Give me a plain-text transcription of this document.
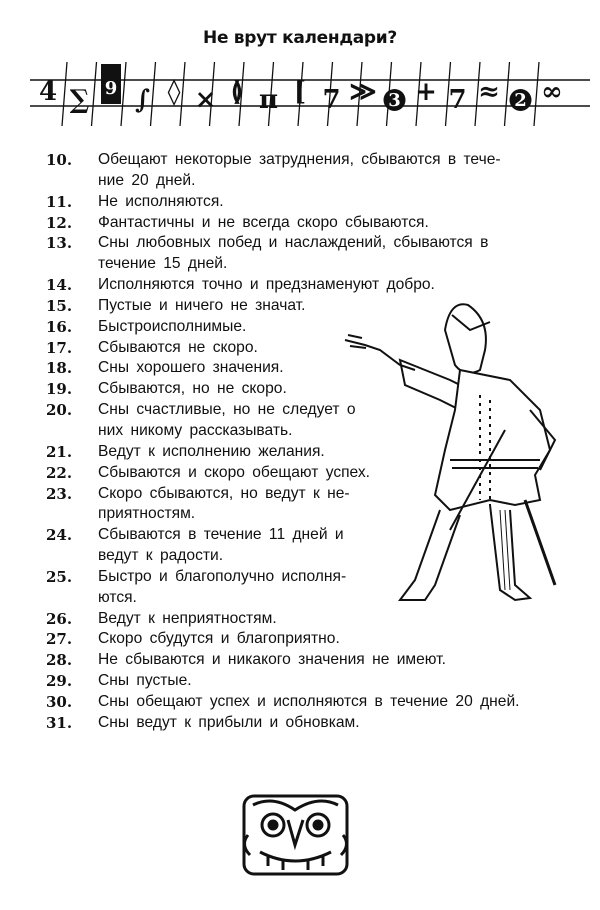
Не врут календари?
4 ∑ 9 ∫ ◊ × ≬ π [ 7 ≫ 3 + 7 ≈ 2 ∞
10.	Обещают некоторые затруднения, сбываются в тече-
ние 20 дней.
11.	Не исполняются.
12.	Фантастичны и не всегда скоро сбываются.
13.	Сны любовных побед и наслаждений, сбываются в
течение 15 дней.
14.	Исполняются точно и предзнаменуют добро.
15.	Пустые и ничего не значат.
16.	Быстроисполнимые.
17.	Сбываются не скоро.
18.	Сны хорошего значения.
19.	Сбываются, но не скоро.
20.	Сны счастливые, но не следует о
них никому рассказывать.
21.	Ведут к исполнению желания.
22.	Сбываются и скоро обещают успех.
23.	Скоро сбываются, но ведут к не-
приятностям.
24.	Сбываются в течение 11 дней и
ведут к радости.
25.	Быстро и благополучно исполня-
ются.
26.	Ведут к неприятностям.
27.	Скоро сбудутся и благоприятно.
28.	Не сбываются и никакого значения не имеют.
29.	Сны пустые.
30.	Сны обещают успех и исполняются в течение 20 дней.
31.	Сны ведут к прибыли и обновкам.
